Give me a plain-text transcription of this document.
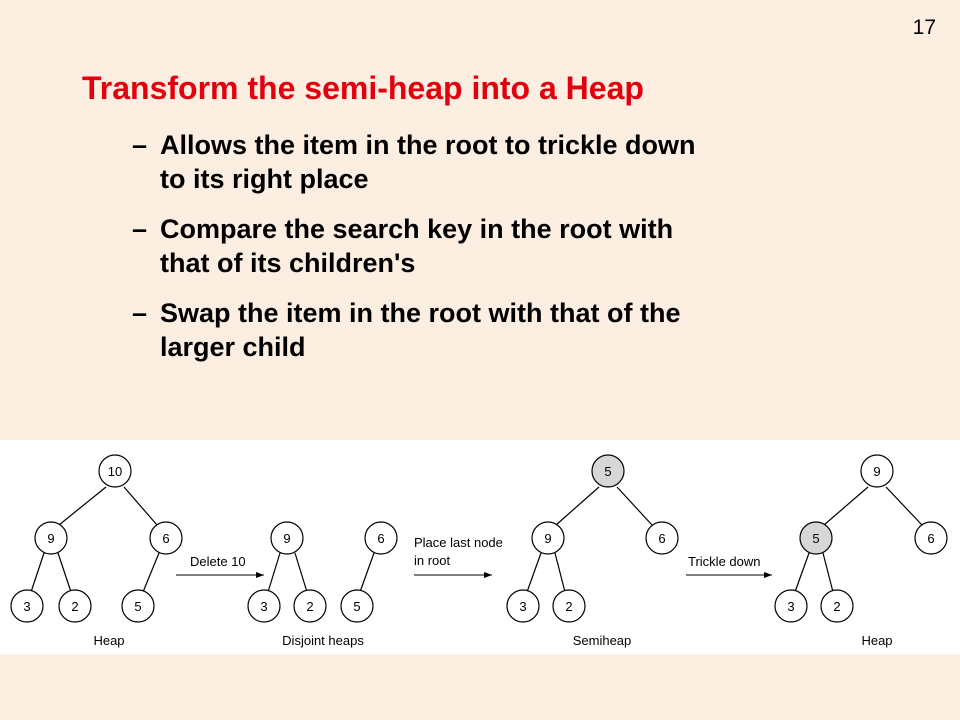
17
Transform the semi-heap into a Heap
– Allows the item in the root to trickle down
to its right place
– Compare the search key in the root with
that of its children's
– Swap the item in the root with that of the
larger child
10
9	6
3	2	5
Heap
Delete 10
9
3	2
6
5
Disjoint heaps
Place last node
in root
5
9	6
3	2
Semiheap
Trickle down
9
5	6
3	2
Heap
